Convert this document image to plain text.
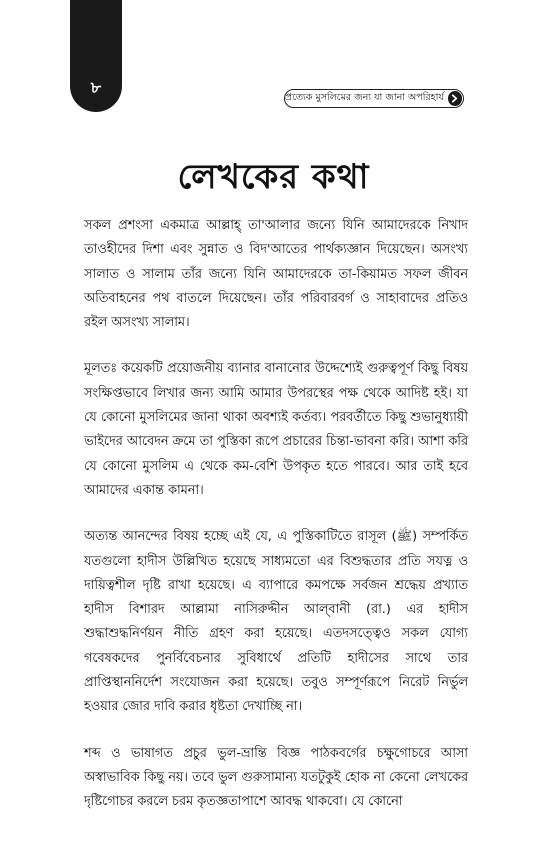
৮
প্রত্যেক মুসলিমের জন্য যা জানা অপরিহার্য
লেখকের কথা

সকল প্রশংসা একমাত্র আল্লাহ্‌ তা'আলার জন্যে যিনি আমাদেরকে নিখাদ তাওহীদের দিশা এবং সুন্নাত ও বিদ'আতের পার্থক্যজ্ঞান দিয়েছেন। অসংখ্য সালাত ও সালাম তাঁর জন্যে যিনি আমাদেরকে তা-কিয়ামত সফল জীবন অতিবাহনের পথ বাতলে দিয়েছেন। তাঁর পরিবারবর্গ ও সাহাবাদের প্রতিও রইল অসংখ্য সালাম।

মূলতঃ কয়েকটি প্রয়োজনীয় ব্যানার বানানোর উদ্দেশ্যেই গুরুত্বপূর্ণ কিছু বিষয় সংক্ষিপ্তভাবে লিখার জন্য আমি আমার উপরস্থের পক্ষ থেকে আদিষ্ট হই। যা যে কোনো মুসলিমের জানা থাকা অবশ্যই কর্তব্য। পরবর্তীতে কিছু শুভানুধ্যায়ী ভাইদের আবেদন ক্রমে তা পুস্তিকা রূপে প্রচারের চিন্তা-ভাবনা করি। আশা করি যে কোনো মুসলিম এ থেকে কম-বেশি উপকৃত হতে পারবে। আর তাই হবে আমাদের একান্ত কামনা।

অত্যন্ত আনন্দের বিষয় হচ্ছে এই যে, এ পুস্তিকাটিতে রাসূল (ﷺ) সম্পর্কিত যতগুলো হাদীস উল্লিখিত হয়েছে সাধ্যমতো এর বিশুদ্ধতার প্রতি সযত্ন ও দায়িত্বশীল দৃষ্টি রাখা হয়েছে। এ ব্যাপারে কমপক্ষে সর্বজন শ্রদ্ধেয় প্রখ্যাত হাদীস বিশারদ আল্লামা নাসিরুদ্দীন আল্‌বানী (রা.) এর হাদীস শুদ্ধাশুদ্ধনির্ণয়ন নীতি গ্রহণ করা হয়েছে। এতদসত্ত্বেও সকল যোগ্য গবেষকদের পুনর্বিবেচনার সুবিধার্থে প্রতিটি হাদীসের সাথে তার প্রাপ্তিস্থাননির্দেশ সংযোজন করা হয়েছে। তবুও সম্পূর্ণরূপে নিরেট নির্ভুল হওয়ার জোর দাবি করার ধৃষ্টতা দেখাচ্ছি না।

শব্দ ও ভাষাগত প্রচুর ভুল-ভ্রান্তি বিজ্ঞ পাঠকবর্গের চক্ষুগোচরে আসা অস্বাভাবিক কিছু নয়। তবে ভুল গুরুসামান্য যতটুকুই হোক না কেনো লেখকের দৃষ্টিগোচর করলে চরম কৃতজ্ঞতাপাশে আবদ্ধ থাকবো। যে কোনো
